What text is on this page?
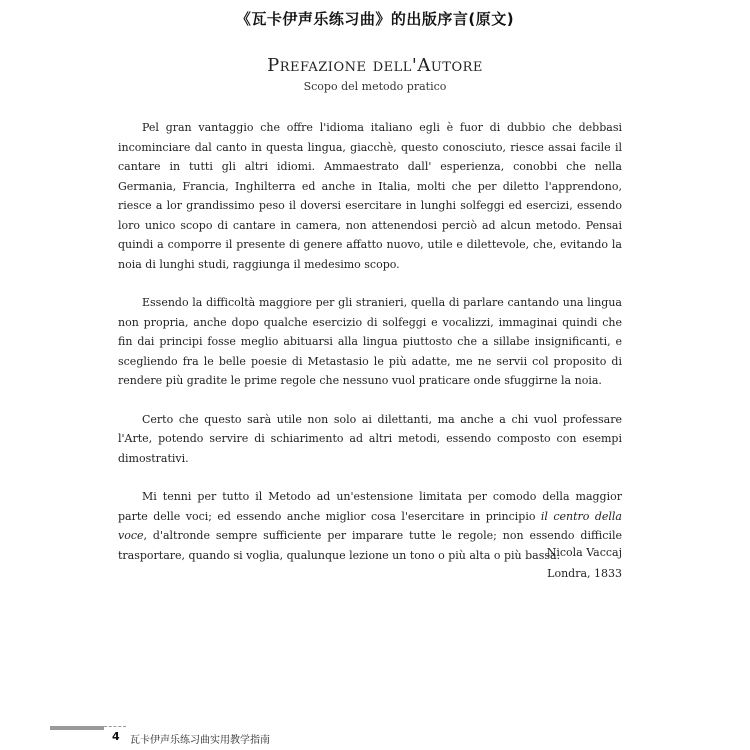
《瓦卡伊声乐练习曲》的出版序言(原文)
Prefazione dell'Autore
Scopo del metodo pratico

Pel gran vantaggio che offre l'idioma italiano egli è fuor di dubbio che debbasi incominciare dal canto in questa lingua, giacchè, questo conosciuto, riesce assai facile il cantare in tutti gli altri idiomi. Ammaestrato dall' esperienza, conobbi che nella Germania, Francia, Inghilterra ed anche in Italia, molti che per diletto l'apprendono, riesce a lor grandissimo peso il doversi esercitare in lunghi solfeggi ed esercizi, essendo loro unico scopo di cantare in camera, non attenendosi perciò ad alcun metodo. Pensai quindi a comporre il presente di genere affatto nuovo, utile e dilettevole, che, evitando la noia di lunghi studi, raggiunga il medesimo scopo.

Essendo la difficoltà maggiore per gli stranieri, quella di parlare cantando una lingua non propria, anche dopo qualche esercizio di solfeggi e vocalizzi, immaginai quindi che fin dai principi fosse meglio abituarsi alla lingua piuttosto che a sillabe insignificanti, e scegliendo fra le belle poesie di Metastasio le più adatte, me ne servii col proposito di rendere più gradite le prime regole che nessuno vuol praticare onde sfuggirne la noia.

Certo che questo sarà utile non solo ai dilettanti, ma anche a chi vuol professare l'Arte, potendo servire di schiarimento ad altri metodi, essendo composto con esempi dimostrativi.

Mi tenni per tutto il Metodo ad un'estensione limitata per comodo della maggior parte delle voci; ed essendo anche miglior cosa l'esercitare in principio il centro della voce, d'altronde sempre sufficiente per imparare tutte le regole; non essendo difficile trasportare, quando si voglia, qualunque lezione un tono o più alta o più bassa.

Nicola Vaccaj
Londra, 1833
4 瓦卡伊声乐练习曲实用教学指南
